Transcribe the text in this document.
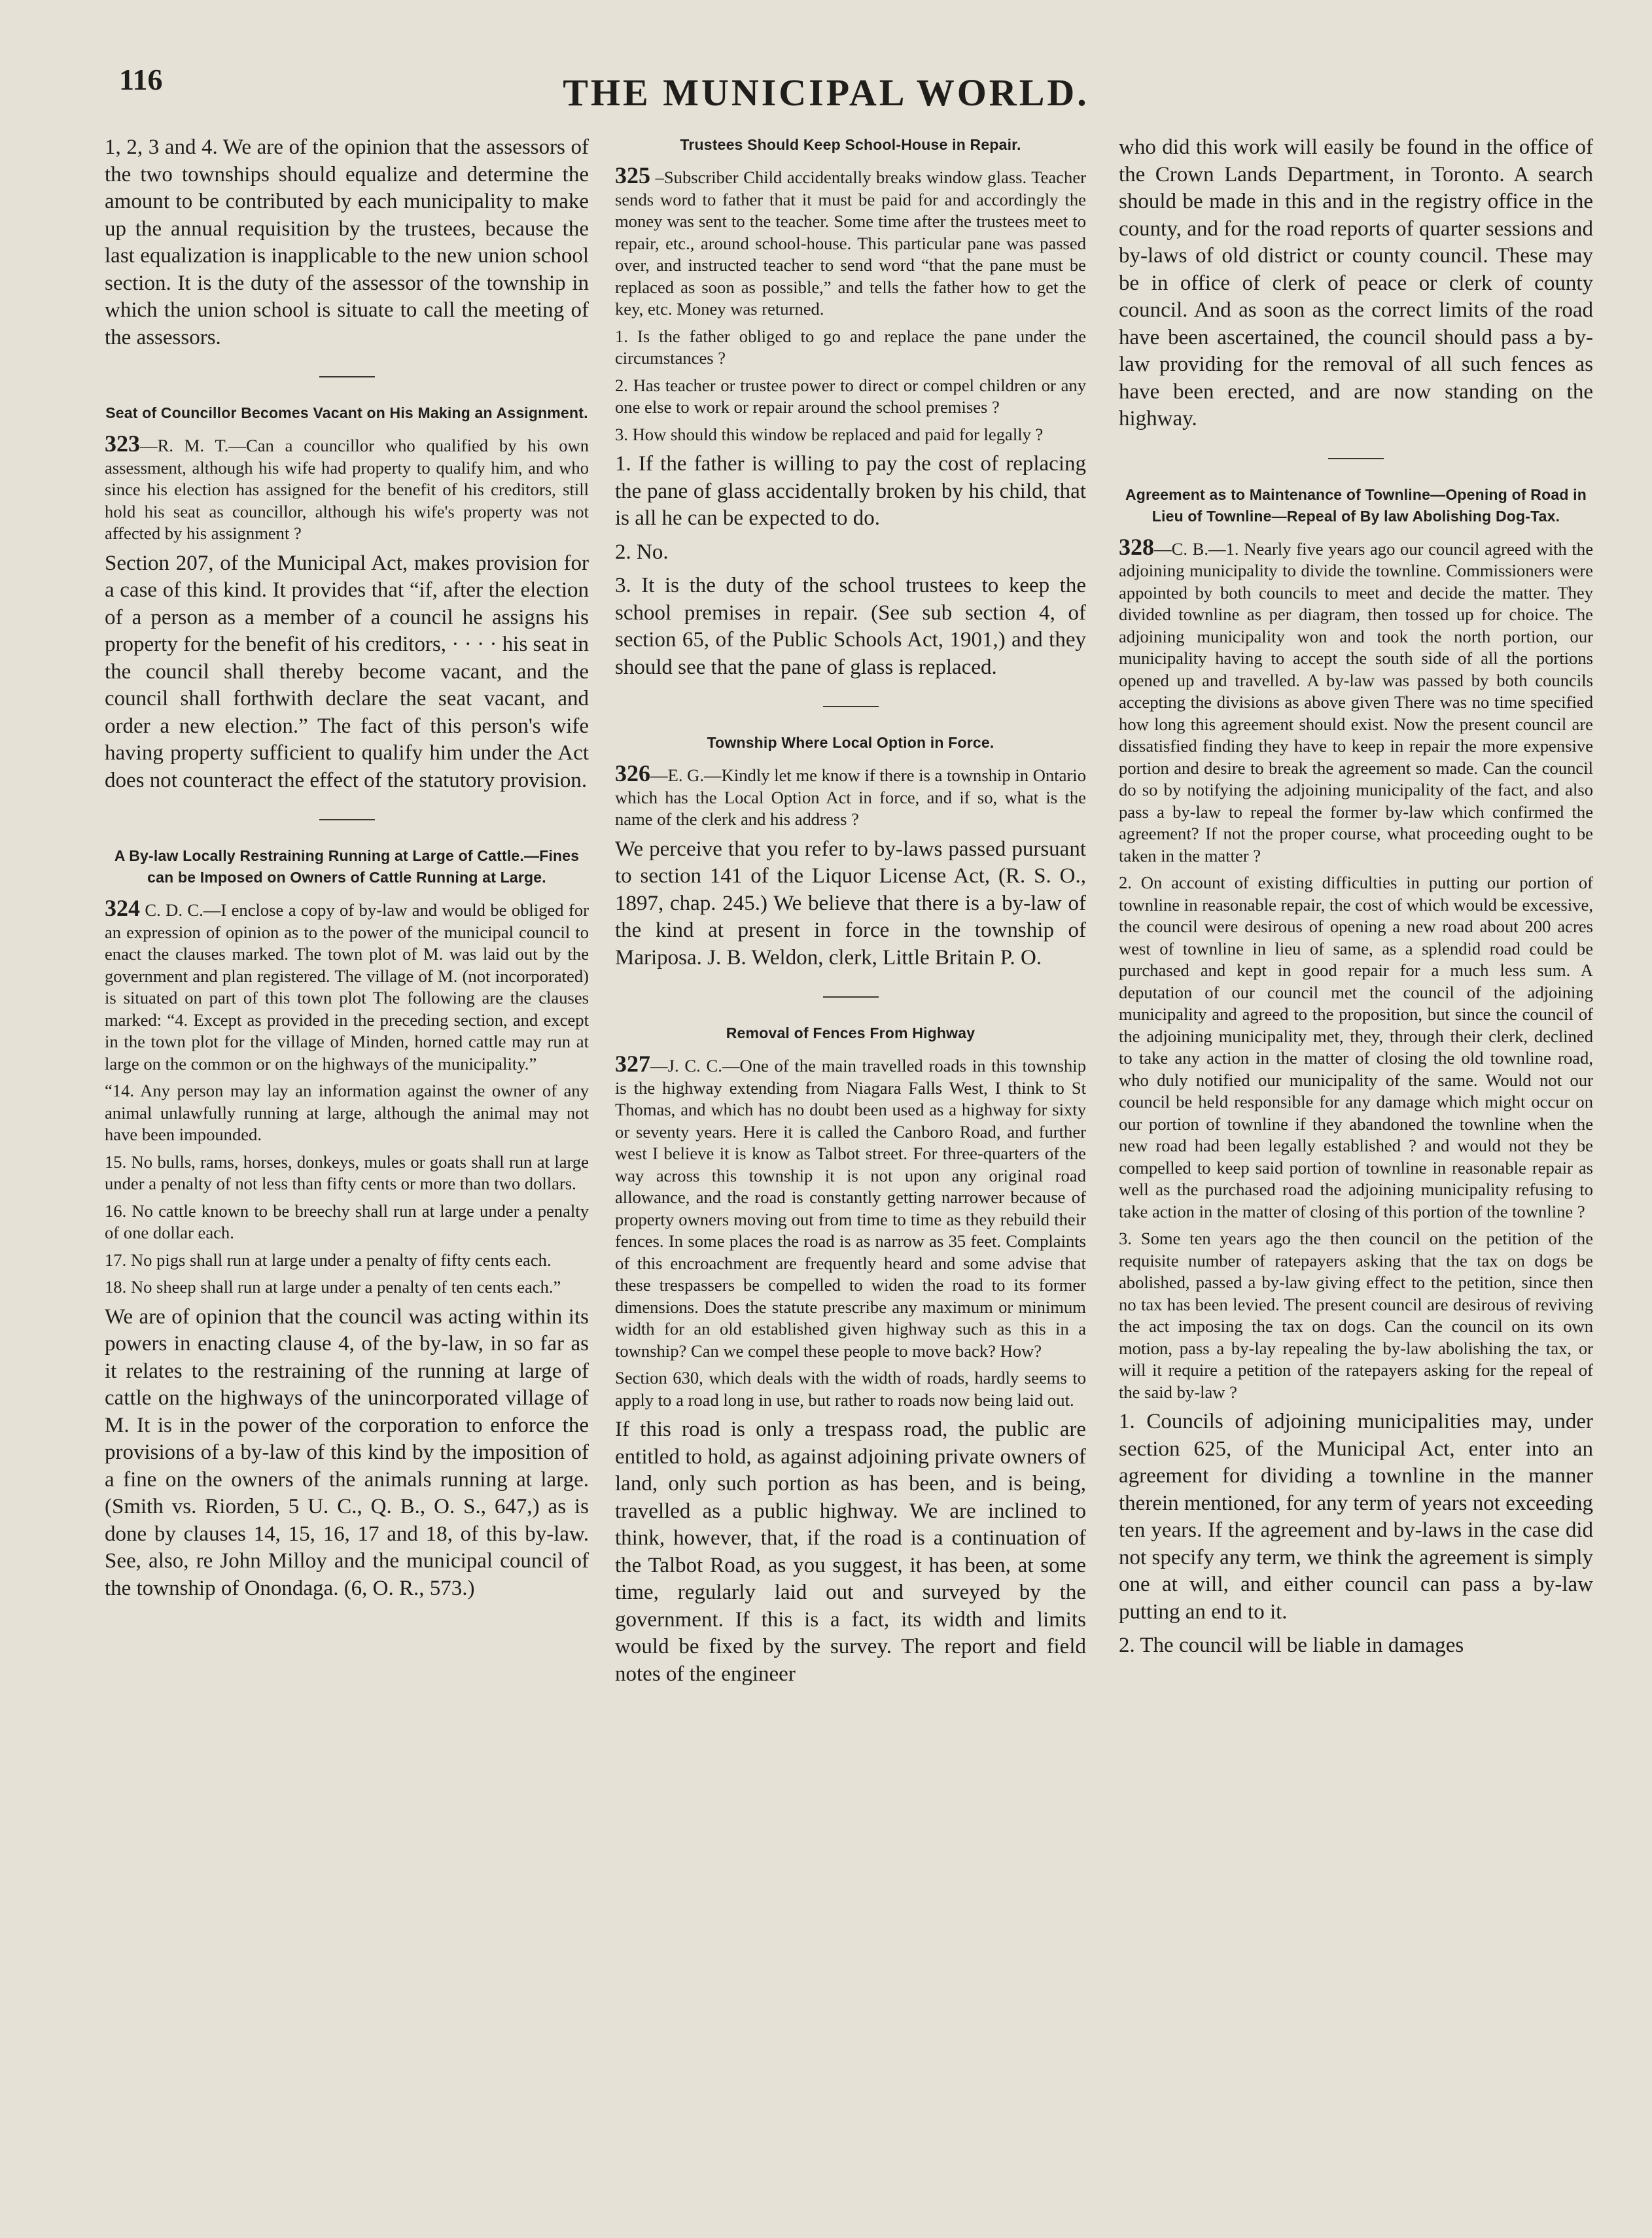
116	THE MUNICIPAL WORLD.

1, 2, 3 and 4. We are of the opinion that the assessors of the two townships should equalize and determine the amount to be contributed by each municipality to make up the annual requisition by the trustees, because the last equalization is inapplicable to the new union school section. It is the duty of the assessor of the township in which the union school is situate to call the meeting of the assessors.

Seat of Councillor Becomes Vacant on His Making an Assignment.

323—R. M. T.—Can a councillor who qualified by his own assessment, although his wife had property to qualify him, and who since his election has assigned for the benefit of his creditors, still hold his seat as councillor, although his wife's property was not affected by his assignment ?

Section 207, of the Municipal Act, makes provision for a case of this kind. It provides that “if, after the election of a person as a member of a council he assigns his property for the benefit of his creditors, · · · · his seat in the council shall thereby become vacant, and the council shall forthwith declare the seat vacant, and order a new election.” The fact of this person's wife having property sufficient to qualify him under the Act does not counteract the effect of the statutory provision.

A By-law Locally Restraining Running at Large of Cattle.—Fines can be Imposed on Owners of Cattle Running at Large.

324 C. D. C.—I enclose a copy of by-law and would be obliged for an expression of opinion as to the power of the municipal council to enact the clauses marked. The town plot of M. was laid out by the government and plan registered. The village of M. (not incorporated) is situated on part of this town plot The following are the clauses marked: “4. Except as provided in the preceding section, and except in the town plot for the village of Minden, horned cattle may run at large on the common or on the highways of the municipality.”

“14. Any person may lay an information against the owner of any animal unlawfully running at large, although the animal may not have been impounded.

15. No bulls, rams, horses, donkeys, mules or goats shall run at large under a penalty of not less than fifty cents or more than two dollars.

16. No cattle known to be breechy shall run at large under a penalty of one dollar each.

17. No pigs shall run at large under a penalty of fifty cents each.

18. No sheep shall run at large under a penalty of ten cents each.”

We are of opinion that the council was acting within its powers in enacting clause 4, of the by-law, in so far as it relates to the restraining of the running at large of cattle on the highways of the unincorporated village of M. It is in the power of the corporation to enforce the provisions of a by-law of this kind by the imposition of a fine on the owners of the animals running at large. (Smith vs. Riorden, 5 U. C., Q. B., O. S., 647,) as is done by clauses 14, 15, 16, 17 and 18, of this by-law. See, also, re John Milloy and the municipal council of the township of Onondaga. (6, O. R., 573.)

Trustees Should Keep School-House in Repair.

325 –Subscriber Child accidentally breaks window glass. Teacher sends word to father that it must be paid for and accordingly the money was sent to the teacher. Some time after the trustees meet to repair, etc., around school-house. This particular pane was passed over, and instructed teacher to send word “that the pane must be replaced as soon as possible,” and tells the father how to get the key, etc. Money was returned.

1. Is the father obliged to go and replace the pane under the circumstances ?

2. Has teacher or trustee power to direct or compel children or any one else to work or repair around the school premises ?

3. How should this window be replaced and paid for legally ?

1. If the father is willing to pay the cost of replacing the pane of glass accidentally broken by his child, that is all he can be expected to do.

2. No.

3. It is the duty of the school trustees to keep the school premises in repair. (See sub section 4, of section 65, of the Public Schools Act, 1901,) and they should see that the pane of glass is replaced.

Township Where Local Option in Force.

326—E. G.—Kindly let me know if there is a township in Ontario which has the Local Option Act in force, and if so, what is the name of the clerk and his address ?

We perceive that you refer to by-laws passed pursuant to section 141 of the Liquor License Act, (R. S. O., 1897, chap. 245.) We believe that there is a by-law of the kind at present in force in the township of Mariposa. J. B. Weldon, clerk, Little Britain P. O.

Removal of Fences From Highway

327—J. C. C.—One of the main travelled roads in this township is the highway extending from Niagara Falls West, I think to St Thomas, and which has no doubt been used as a highway for sixty or seventy years. Here it is called the Canboro Road, and further west I believe it is know as Talbot street. For three-quarters of the way across this township it is not upon any original road allowance, and the road is constantly getting narrower because of property owners moving out from time to time as they rebuild their fences. In some places the road is as narrow as 35 feet. Complaints of this encroachment are frequently heard and some advise that these trespassers be compelled to widen the road to its former dimensions. Does the statute prescribe any maximum or minimum width for an old established given highway such as this in a township? Can we compel these people to move back? How?

Section 630, which deals with the width of roads, hardly seems to apply to a road long in use, but rather to roads now being laid out.

If this road is only a trespass road, the public are entitled to hold, as against adjoining private owners of land, only such portion as has been, and is being, travelled as a public highway. We are inclined to think, however, that, if the road is a continuation of the Talbot Road, as you suggest, it has been, at some time, regularly laid out and surveyed by the government. If this is a fact, its width and limits would be fixed by the survey. The report and field notes of the engineer

who did this work will easily be found in the office of the Crown Lands Department, in Toronto. A search should be made in this and in the registry office in the county, and for the road reports of quarter sessions and by-laws of old district or county council. These may be in office of clerk of peace or clerk of county council. And as soon as the correct limits of the road have been ascertained, the council should pass a by-law providing for the removal of all such fences as have been erected, and are now standing on the highway.

Agreement as to Maintenance of Townline—Opening of Road in Lieu of Townline—Repeal of By law Abolishing Dog-Tax.

328—C. B.—1. Nearly five years ago our council agreed with the adjoining municipality to divide the townline. Commissioners were appointed by both councils to meet and decide the matter. They divided townline as per diagram, then tossed up for choice. The adjoining municipality won and took the north portion, our municipality having to accept the south side of all the portions opened up and travelled. A by-law was passed by both councils accepting the divisions as above given There was no time specified how long this agreement should exist. Now the present council are dissatisfied finding they have to keep in repair the more expensive portion and desire to break the agreement so made. Can the council do so by notifying the adjoining municipality of the fact, and also pass a by-law to repeal the former by-law which confirmed the agreement? If not the proper course, what proceeding ought to be taken in the matter ?

2. On account of existing difficulties in putting our portion of townline in reasonable repair, the cost of which would be excessive, the council were desirous of opening a new road about 200 acres west of townline in lieu of same, as a splendid road could be purchased and kept in good repair for a much less sum. A deputation of our council met the council of the adjoining municipality and agreed to the proposition, but since the council of the adjoining municipality met, they, through their clerk, declined to take any action in the matter of closing the old townline road, who duly notified our municipality of the same. Would not our council be held responsible for any damage which might occur on our portion of townline if they abandoned the townline when the new road had been legally established ? and would not they be compelled to keep said portion of townline in reasonable repair as well as the purchased road the adjoining municipality refusing to take action in the matter of closing of this portion of the townline ?

3. Some ten years ago the then council on the petition of the requisite number of ratepayers asking that the tax on dogs be abolished, passed a by-law giving effect to the petition, since then no tax has been levied. The present council are desirous of reviving the act imposing the tax on dogs. Can the council on its own motion, pass a by-lay repealing the by-law abolishing the tax, or will it require a petition of the ratepayers asking for the repeal of the said by-law ?

1. Councils of adjoining municipalities may, under section 625, of the Municipal Act, enter into an agreement for dividing a townline in the manner therein mentioned, for any term of years not exceeding ten years. If the agreement and by-laws in the case did not specify any term, we think the agreement is simply one at will, and either council can pass a by-law putting an end to it.

2. The council will be liable in damages
